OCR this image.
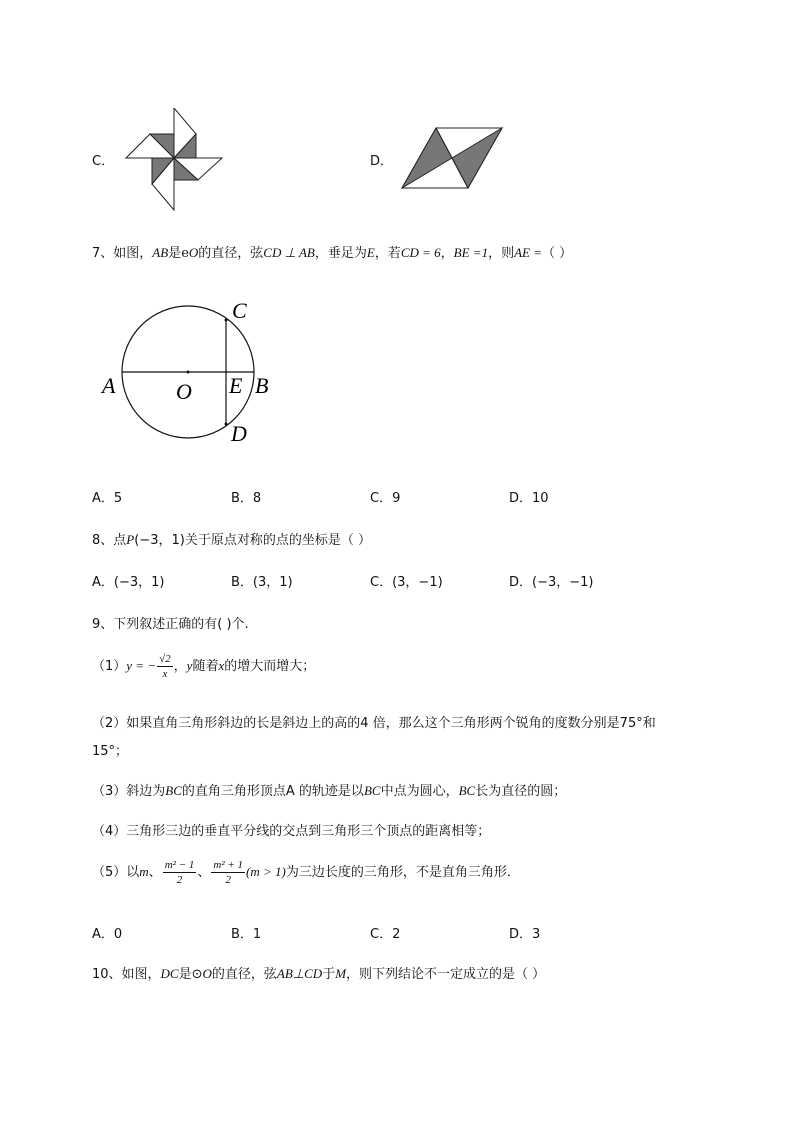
C．	D．
7、如图，AB是eO的直径，弦CD ⊥ AB，垂足为E，若CD = 6，BE =1，则AE =（ ）
A	O E B
C
D
A．5	B．8	C．9	D．10
8、点P(−3，1)关于原点对称的点的坐标是（ ）
A．(−3，1)	B．(3，1)	C．(3，−1)	D．(−3，−1)
9、下列叙述正确的有( )个.
（1）y = − $\frac{√2}{x}$ ，y随着x的增大而增大；
（2）如果直角三角形斜边的长是斜边上的高的4 倍，那么这个三角形两个锐角的度数分别是75°和
15°；
（3）斜边为BC的直角三角形顶点A 的轨迹是以BC中点为圆心，BC长为直径的圆；
（4）三角形三边的垂直平分线的交点到三角形三个顶点的距离相等；
（5）以m、 $\frac{\text{m² − 1}}{2}$ 、 $\frac{\text{m² + 1}}{2} (m > 1)$为三边长度的三角形，不是直角三角形．
A．0	B．1	C．2	D．3
10、如图，DC是⊙O的直径，弦AB⊥CD于M，则下列结论不一定成立的是（ ）
